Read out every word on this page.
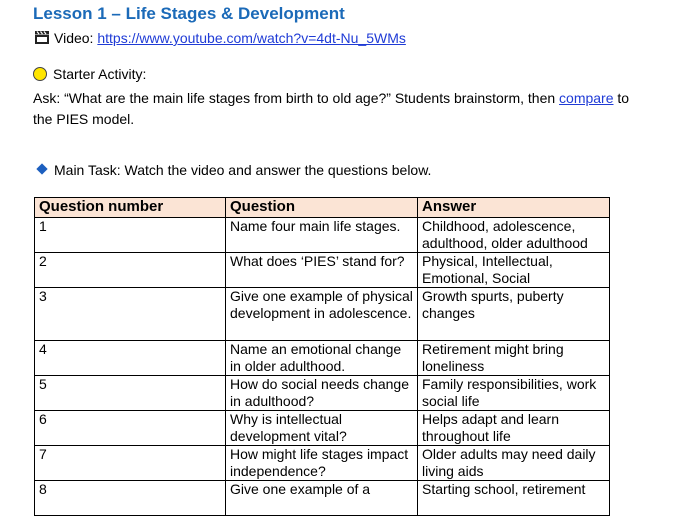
Lesson 1 – Life Stages & Development
Video: https://www.youtube.com/watch?v=4dt-Nu_5WMs
Starter Activity:
Ask: “What are the main life stages from birth to old age?” Students brainstorm, then compare to the PIES model.
Main Task: Watch the video and answer the questions below.
Question number	Question	Answer
1	Name four main life stages.	Childhood, adolescence, adulthood, older adulthood
2	What does ‘PIES’ stand for?	Physical, Intellectual, Emotional, Social
3	Give one example of physical development in adolescence.	Growth spurts, puberty changes
4	Name an emotional change in older adulthood.	Retirement might bring loneliness
5	How do social needs change in adulthood?	Family responsibilities, work social life
6	Why is intellectual development vital?	Helps adapt and learn throughout life
7	How might life stages impact independence?	Older adults may need daily living aids
8	Give one example of a	Starting school, retirement
